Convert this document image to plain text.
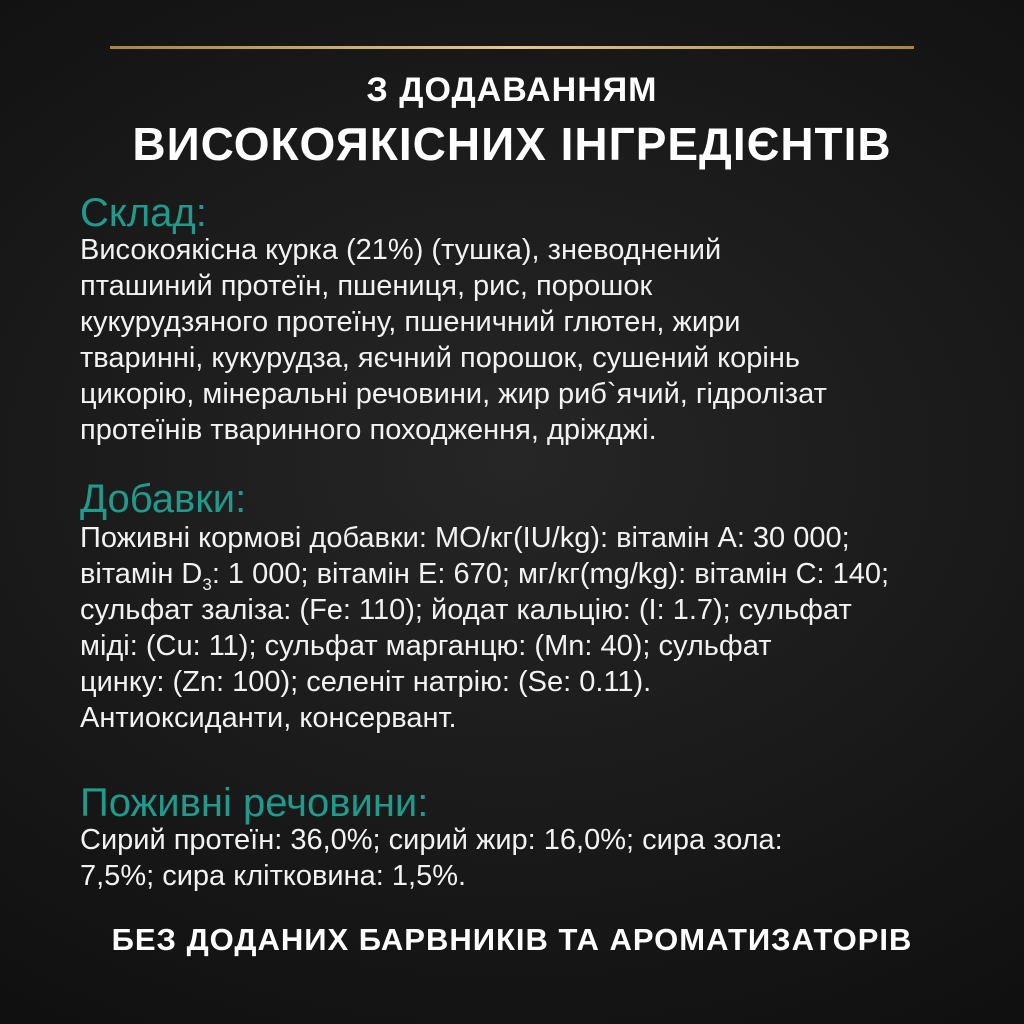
З ДОДАВАННЯМ
ВИСОКОЯКІСНИХ ІНГРЕДІЄНТІВ
Склад:
Високоякісна курка (21%) (тушка), зневоднений
пташиний протеїн, пшениця, рис, порошок
кукурудзяного протеїну, пшеничний глютен, жири
тваринні, кукурудза, яєчний порошок, сушений корінь
цикорію, мінеральні речовини, жир риб`ячий, гідролізат
протеїнів тваринного походження, дріжджі.
Добавки:
Поживні кормові добавки: МО/кг(IU/kg): вітамін А: 30 000;
вітамін $D_3$: 1 000; вітамін Е: 670; мг/кг(mg/kg): вітамін С: 140;
сульфат заліза: (Fe: 110); йодат кальцію: (I: 1.7); сульфат
міді: (Cu: 11); сульфат марганцю: (Mn: 40); сульфат
цинку: (Zn: 100); селеніт натрію: (Se: 0.11).
Антиоксиданти, консервант.
Поживні речовини:
Сирий протеїн: 36,0%; сирий жир: 16,0%; сира зола:
7,5%; сира клітковина: 1,5%.
БЕЗ ДОДАНИХ БАРВНИКІВ ТА АРОМАТИЗАТОРІВ
